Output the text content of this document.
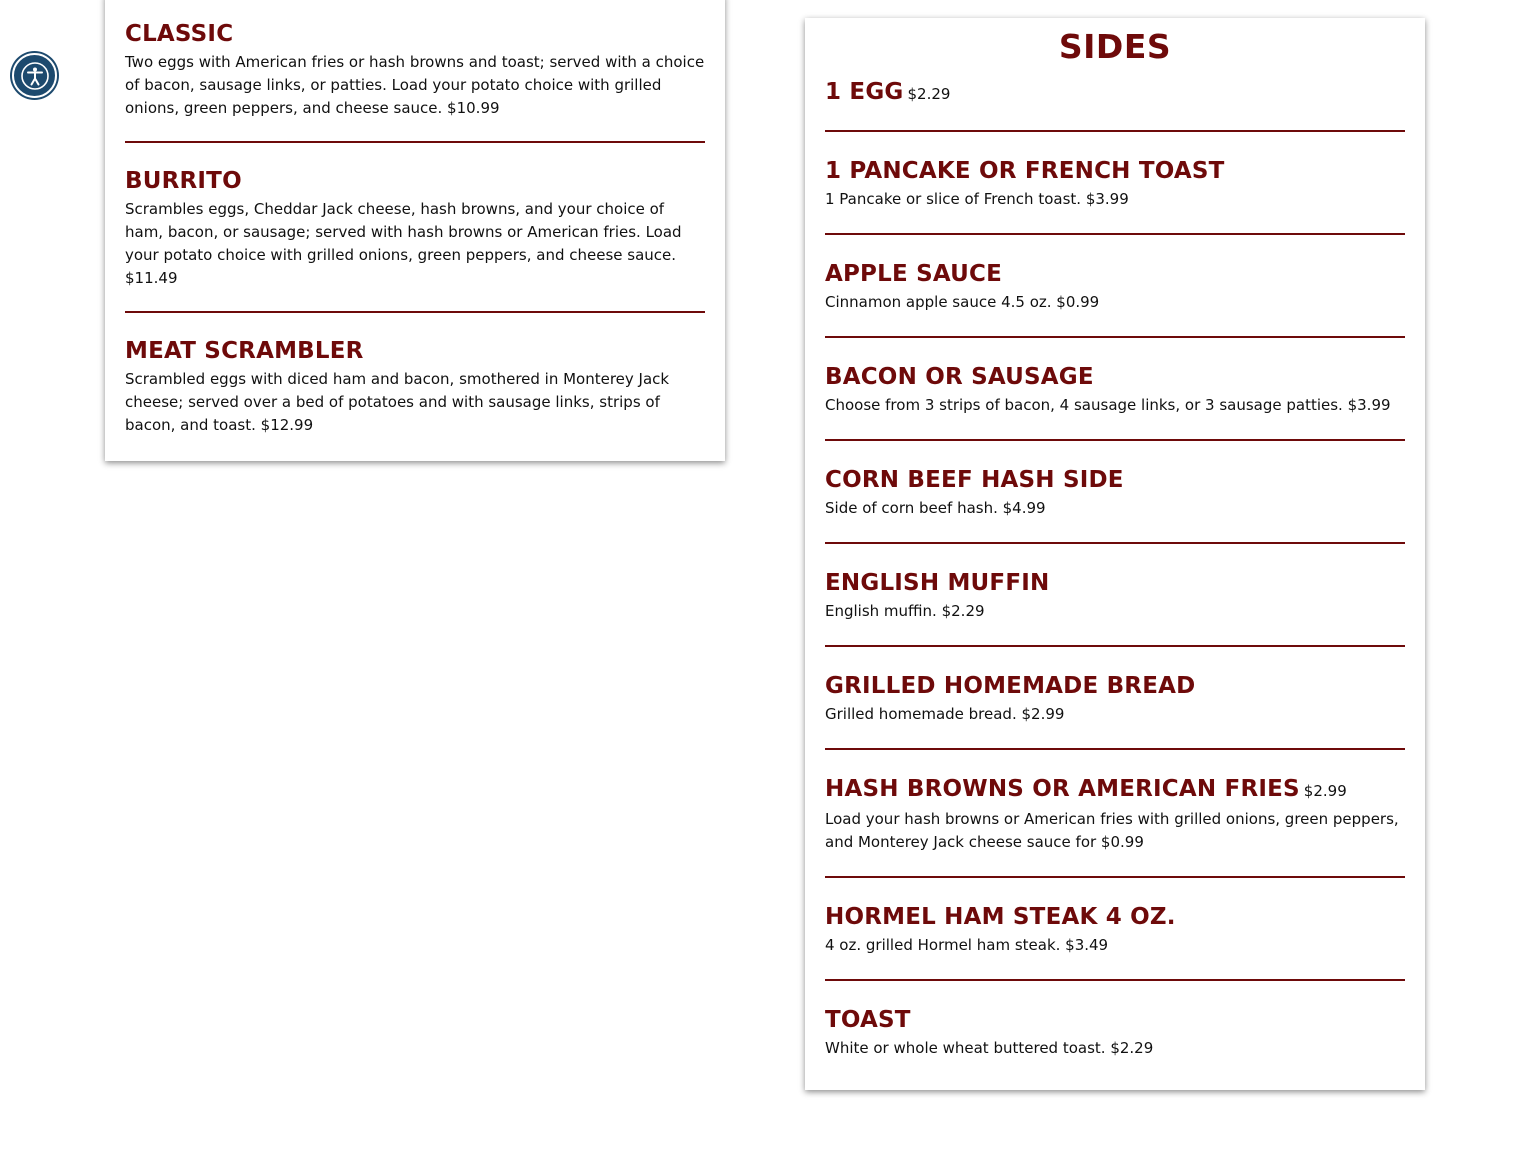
CLASSIC
Two eggs with American fries or hash browns and toast; served with a choice of bacon, sausage links, or patties. Load your potato choice with grilled onions, green peppers, and cheese sauce. $10.99
BURRITO
Scrambles eggs, Cheddar Jack cheese, hash browns, and your choice of ham, bacon, or sausage; served with hash browns or American fries. Load your potato choice with grilled onions, green peppers, and cheese sauce. $11.49
MEAT SCRAMBLER
Scrambled eggs with diced ham and bacon, smothered in Monterey Jack cheese; served over a bed of potatoes and with sausage links, strips of bacon, and toast. $12.99
SIDES
1 EGG $2.29
1 PANCAKE OR FRENCH TOAST
1 Pancake or slice of French toast. $3.99
APPLE SAUCE
Cinnamon apple sauce 4.5 oz. $0.99
BACON OR SAUSAGE
Choose from 3 strips of bacon, 4 sausage links, or 3 sausage patties. $3.99
CORN BEEF HASH SIDE
Side of corn beef hash. $4.99
ENGLISH MUFFIN
English muffin. $2.29
GRILLED HOMEMADE BREAD
Grilled homemade bread. $2.99
HASH BROWNS OR AMERICAN FRIES $2.99
Load your hash browns or American fries with grilled onions, green peppers, and Monterey Jack cheese sauce for $0.99
HORMEL HAM STEAK 4 OZ.
4 oz. grilled Hormel ham steak. $3.49
TOAST
White or whole wheat buttered toast. $2.29
